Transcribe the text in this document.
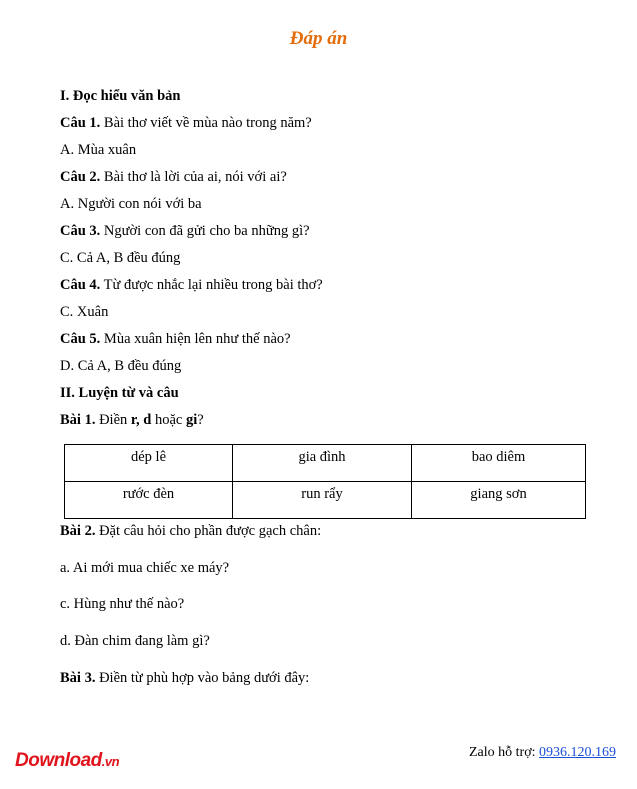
Đáp án
I. Đọc hiểu văn bản
Câu 1. Bài thơ viết về mùa nào trong năm?
A. Mùa xuân
Câu 2. Bài thơ là lời của ai, nói với ai?
A. Người con nói với ba
Câu 3. Người con đã gửi cho ba những gì?
C. Cả A, B đều đúng
Câu 4. Từ được nhắc lại nhiều trong bài thơ?
C. Xuân
Câu 5. Mùa xuân hiện lên như thế nào?
D. Cả A, B đều đúng
II. Luyện từ và câu
Bài 1. Điền r, d hoặc gi?
dép lê	gia đình	bao diêm
rước đèn	run rẩy	giang sơn
Bài 2. Đặt câu hỏi cho phần được gạch chân:
a. Ai mới mua chiếc xe máy?
c. Hùng như thế nào?
d. Đàn chim đang làm gì?
Bài 3. Điền từ phù hợp vào bảng dưới đây:
Download.vn
Zalo hỗ trợ: 0936.120.169
